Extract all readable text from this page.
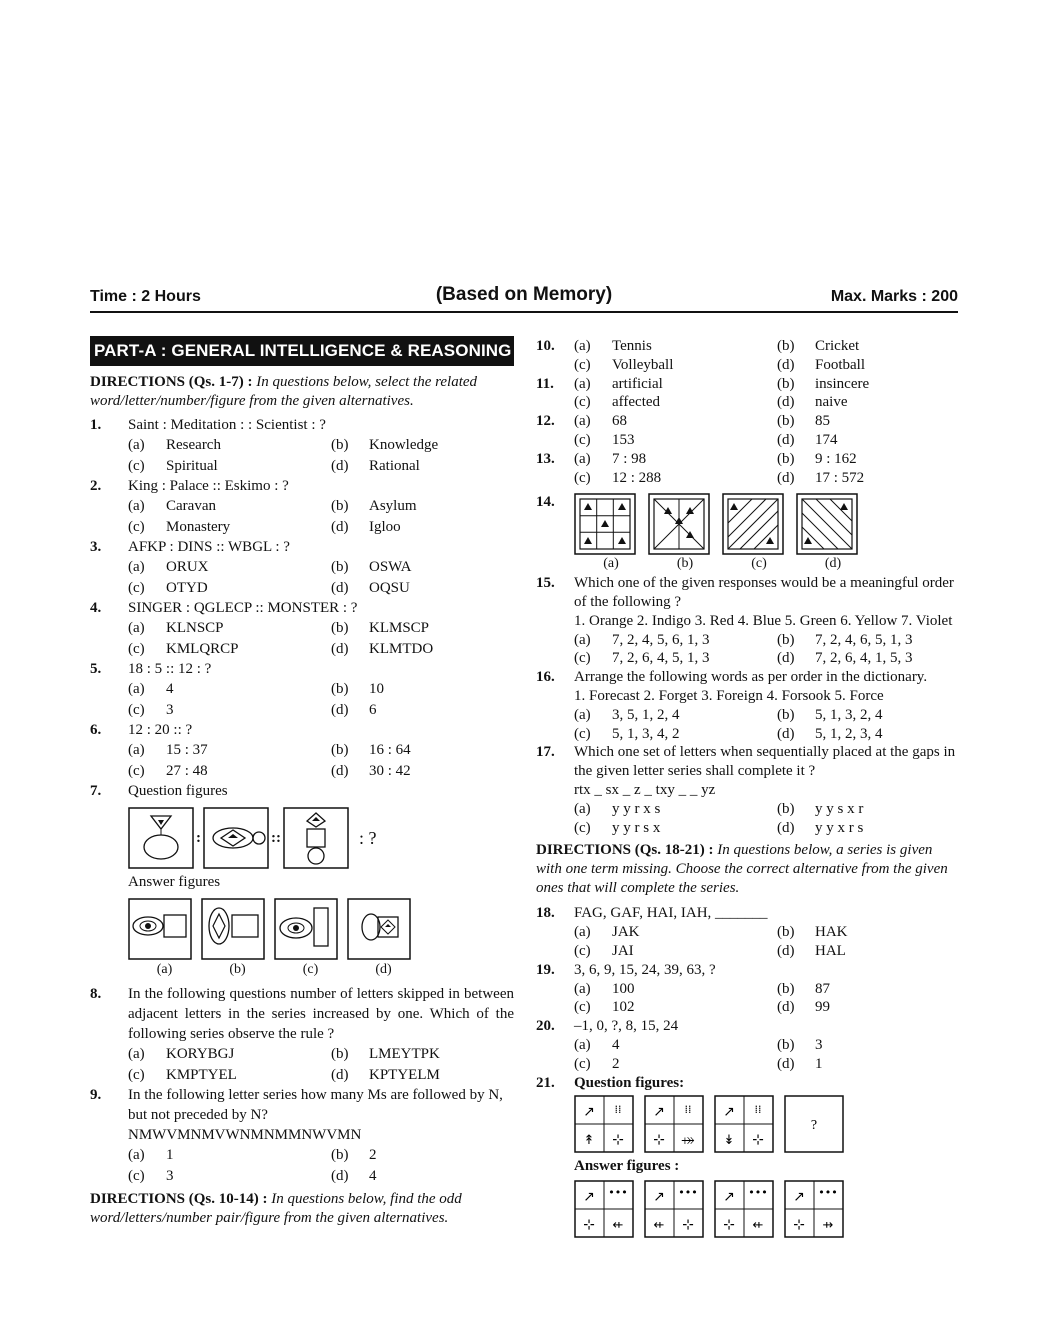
Time : 2 Hours	(Based on Memory)	Max. Marks : 200
PART-A : GENERAL INTELLIGENCE & REASONING

DIRECTIONS (Qs. 1-7) : In questions below, select the related word/letter/number/figure from the given alternatives.

1.	Saint : Meditation : : Scientist : ?
(a)	Research	(b)	Knowledge
(c)	Spiritual	(d)	Rational
2.	King : Palace :: Eskimo : ?
(a)	Caravan	(b)	Asylum
(c)	Monastery	(d)	Igloo
3.	AFKP : DINS :: WBGL : ?
(a)	ORUX	(b)	OSWA
(c)	OTYD	(d)	OQSU
4.	SINGER : QGLECP :: MONSTER : ?
(a)	KLNSCP	(b)	KLMSCP
(c)	KMLQRCP	(d)	KLMTDO
5.	18 : 5 :: 12 : ?
(a)	4	(b)	10
(c)	3	(d)	6
6.	12 : 20 :: ?
(a)	15 : 37	(b)	16 : 64
(c)	27 : 48	(d)	30 : 42
7.	Question figures
:	::	: ?
Answer figures
(a)	(b)	(c)	(d)
8.	In the following questions number of letters skipped in between adjacent letters in the series increased by one. Which of the following series observe the rule ?
(a)	KORYBGJ	(b)	LMEYTPK
(c)	KMPTYEL	(d)	KPTYELM
9.	In the following letter series how many Ms are followed by N, but not preceded by N?
NMWVMNMVWNMNMMNWVMN
(a)	1	(b)	2
(c)	3	(d)	4

DIRECTIONS (Qs. 10-14) : In questions below, find the odd word/letters/number pair/figure from the given alternatives.

10.	(a)	Tennis	(b)	Cricket
(c)	Volleyball	(d)	Football
11.	(a)	artificial	(b)	insincere
(c)	affected	(d)	naive
12.	(a)	68	(b)	85
(c)	153	(d)	174
13.	(a)	7 : 98	(b)	9 : 162
(c)	12 : 288	(d)	17 : 572
14.
(a)	(b)	(c)	(d)
15.	Which one of the given responses would be a meaningful order of the following ?
1. Orange 2. Indigo 3. Red 4. Blue 5. Green 6. Yellow 7. Violet
(a)	7, 2, 4, 5, 6, 1, 3	(b)	7, 2, 4, 6, 5, 1, 3
(c)	7, 2, 6, 4, 5, 1, 3	(d)	7, 2, 6, 4, 1, 5, 3
16.	Arrange the following words as per order in the dictionary.
1. Forecast 2. Forget 3. Foreign 4. Forsook 5. Force
(a)	3, 5, 1, 2, 4	(b)	5, 1, 3, 2, 4
(c)	5, 1, 3, 4, 2	(d)	5, 1, 2, 3, 4
17.	Which one set of letters when sequentially placed at the gaps in the given letter series shall complete it ?
rtx _ sx _ z _ txy _ _ yz
(a)	y y r x s	(b)	y y s x r
(c)	y y r s x	(d)	y y x r s

DIRECTIONS (Qs. 18-21) : In questions below, a series is given with one term missing. Choose the correct alternative from the given ones that will complete the series.

18.	FAG, GAF, HAI, IAH, _______
(a)	JAK	(b)	HAK
(c)	JAI	(d)	HAL
19.	3, 6, 9, 15, 24, 39, 63, ?
(a)	100	(b)	87
(c)	102	(d)	99
20.	–1, 0, ?, 8, 15, 24
(a)	4	(b)	3
(c)	2	(d)	1
21.	Question figures:
↗ ⁞⁞
↟ ⊹
↗ ⁞⁞
⊹ ⤀
↗ ⁞⁞
↡ ⊹
?
Answer figures :
↗ •••
⊹ ⇷
↗ •••
⇷ ⊹
↗ •••
⊹ ⇷
↗ •••
⊹ ⇸
